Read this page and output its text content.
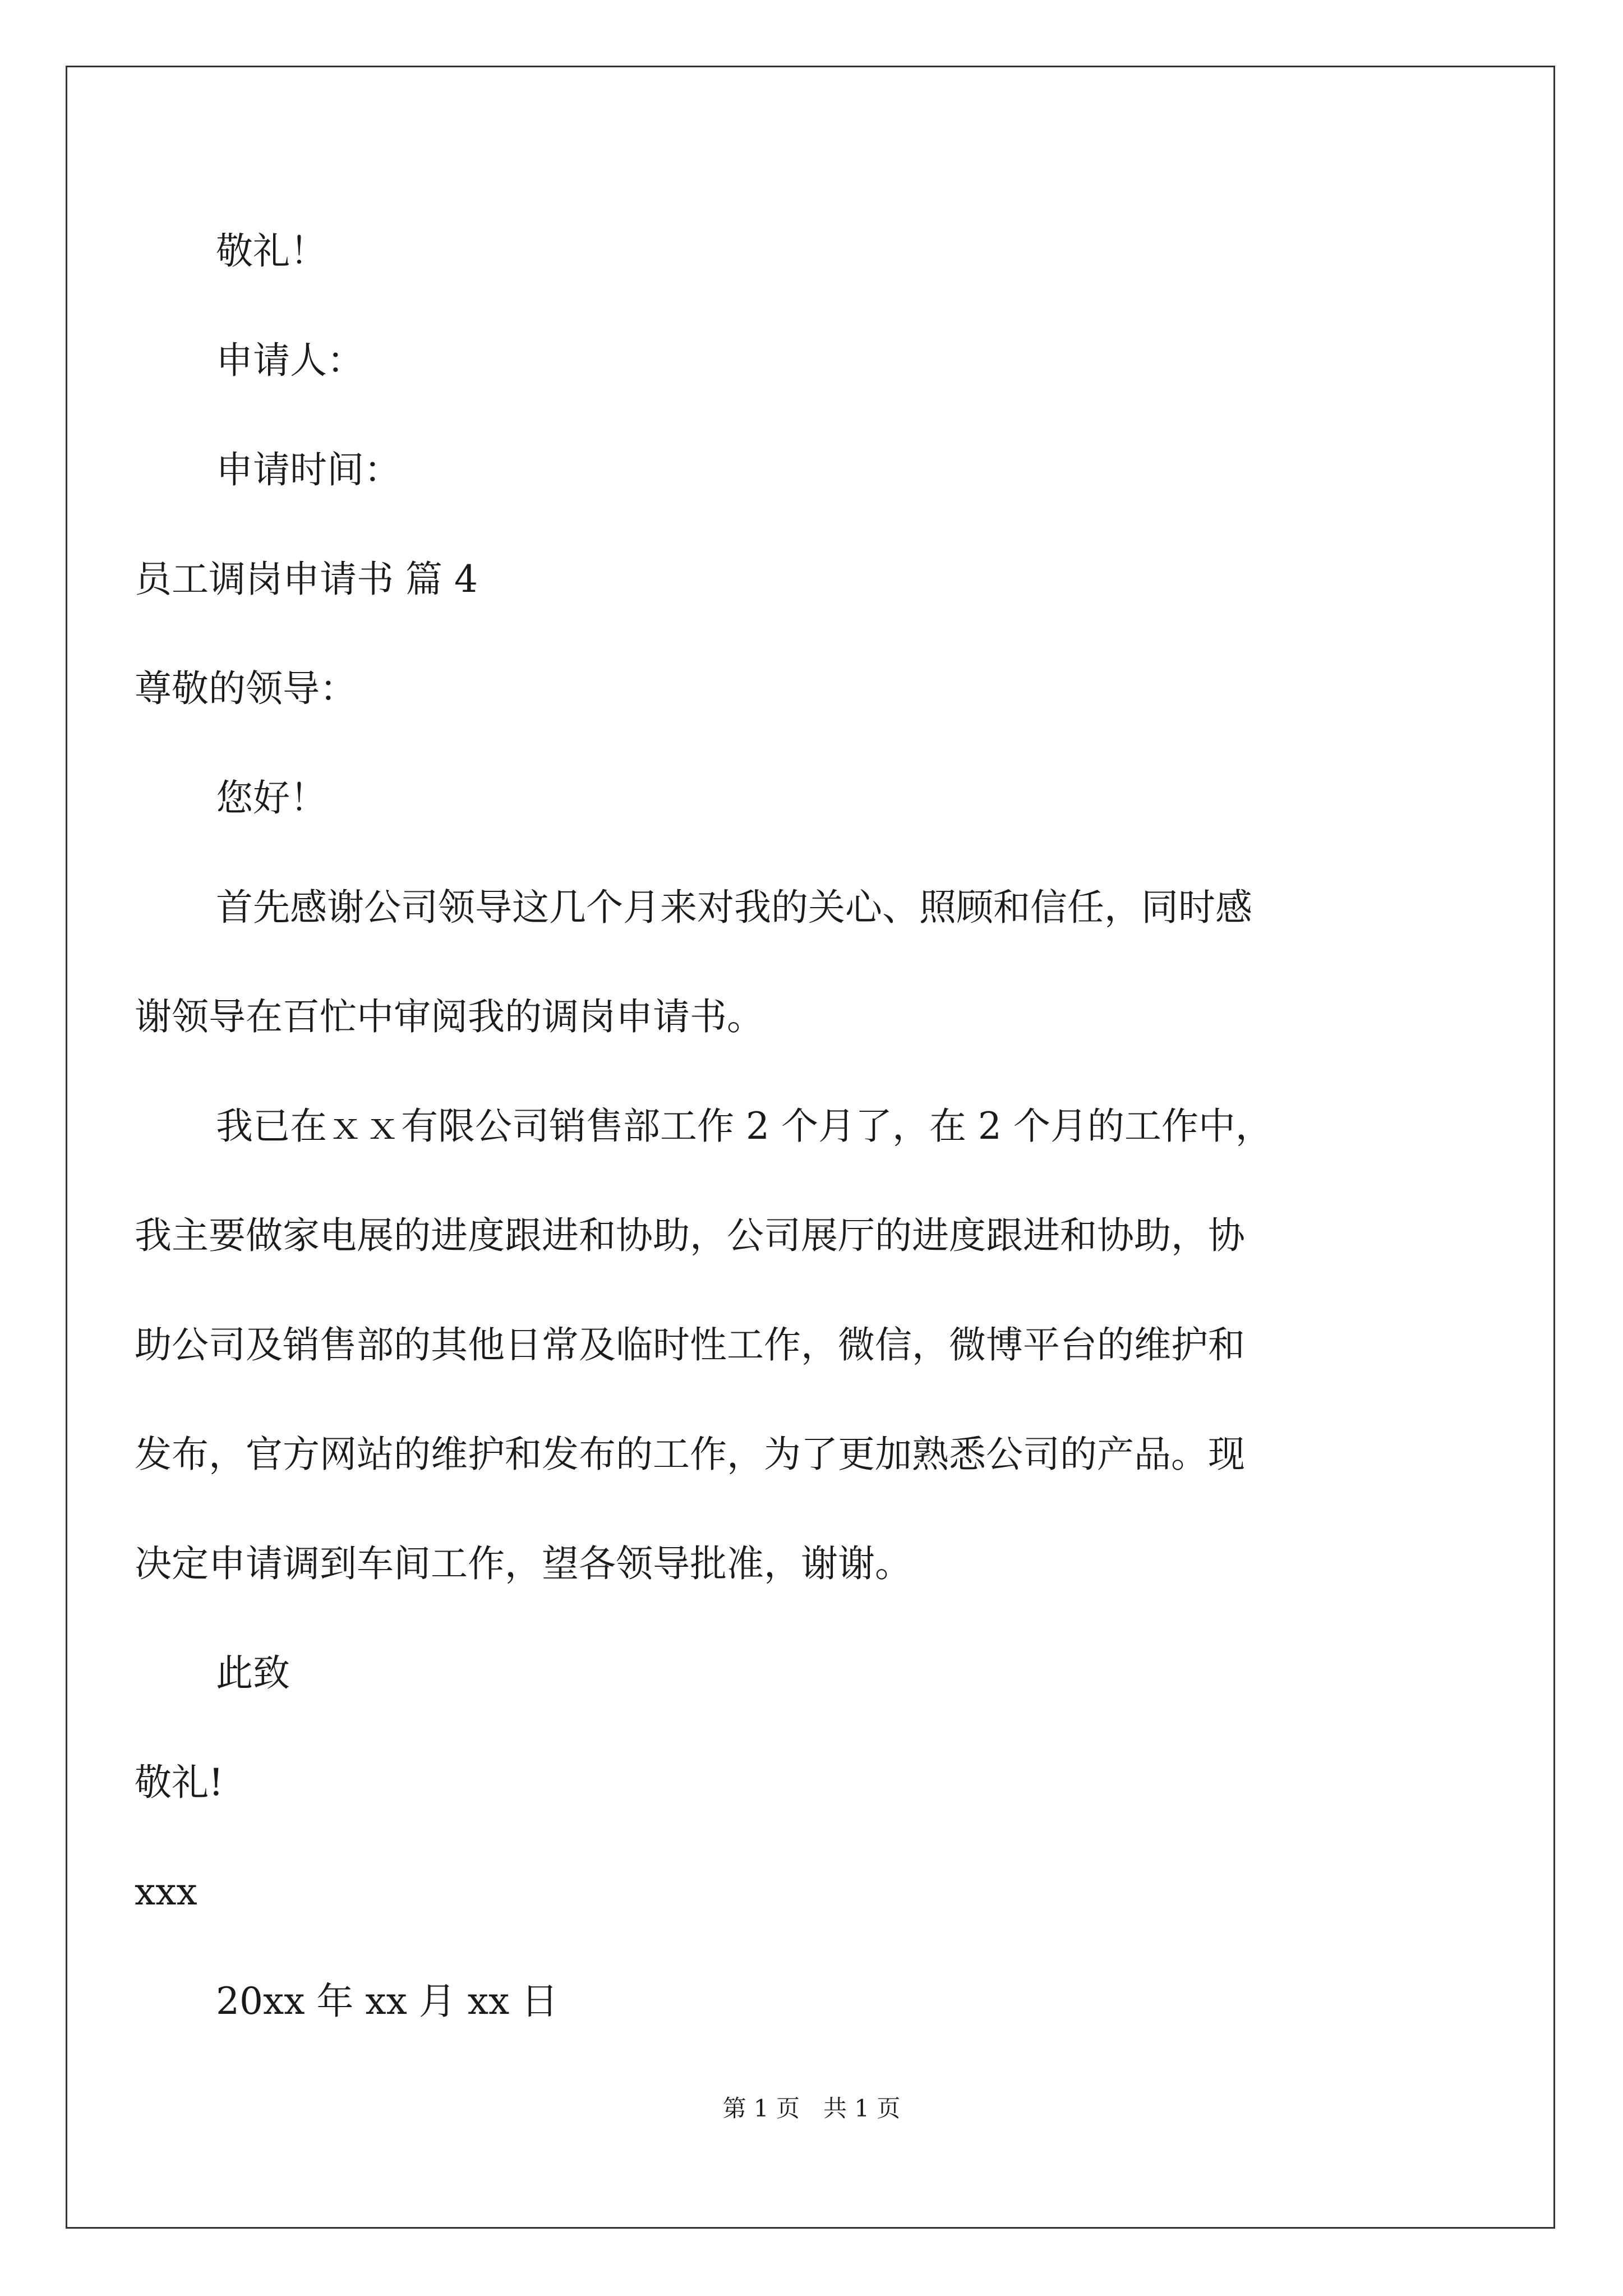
敬礼！
申请人：
申请时间：
员工调岗申请书 篇 4
尊敬的领导：
您好！
首先感谢公司领导这几个月来对我的关心、照顾和信任，同时感
谢领导在百忙中审阅我的调岗申请书。
我已在ｘｘ有限公司销售部工作 2 个月了，在 2 个月的工作中，
我主要做家电展的进度跟进和协助，公司展厅的进度跟进和协助，协
助公司及销售部的其他日常及临时性工作，微信，微博平台的维护和
发布，官方网站的维护和发布的工作，为了更加熟悉公司的产品。现
决定申请调到车间工作，望各领导批准，谢谢。
此致
敬礼!
xxx
20xx 年 xx 月 xx 日
第 1 页　共 1 页
